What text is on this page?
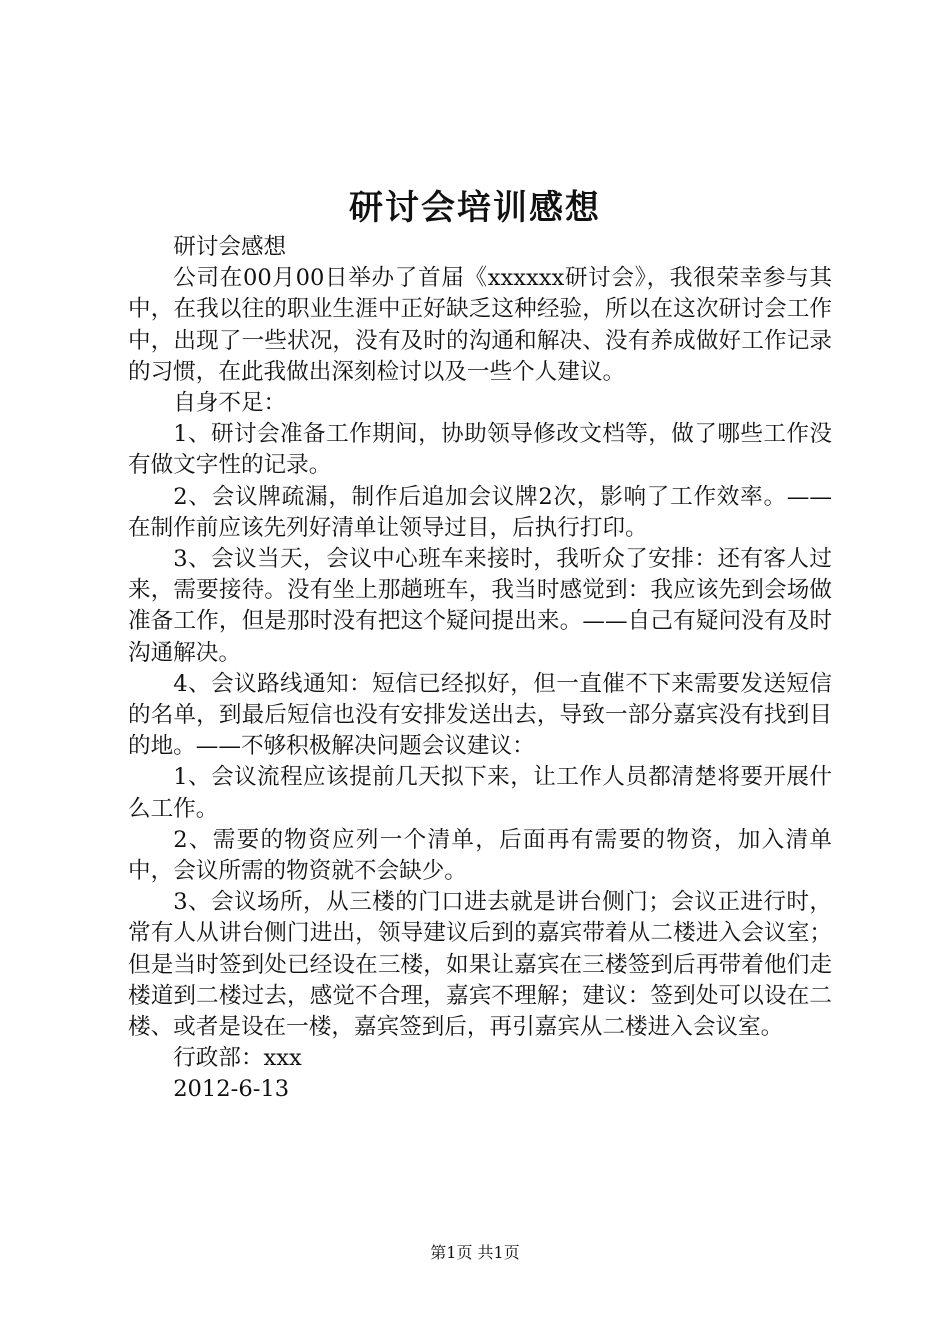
研讨会培训感想

研讨会感想

公司在00月00日举办了首届《xxxxxx研讨会》，我很荣幸参与其中，在我以往的职业生涯中正好缺乏这种经验，所以在这次研讨会工作中，出现了一些状况，没有及时的沟通和解决、没有养成做好工作记录的习惯，在此我做出深刻检讨以及一些个人建议。

自身不足：

1、研讨会准备工作期间，协助领导修改文档等，做了哪些工作没有做文字性的记录。

2、会议牌疏漏，制作后追加会议牌2次，影响了工作效率。——在制作前应该先列好清单让领导过目，后执行打印。

3、会议当天，会议中心班车来接时，我听众了安排：还有客人过来，需要接待。没有坐上那趟班车，我当时感觉到：我应该先到会场做准备工作，但是那时没有把这个疑问提出来。——自己有疑问没有及时沟通解决。

4、会议路线通知：短信已经拟好，但一直催不下来需要发送短信的名单，到最后短信也没有安排发送出去，导致一部分嘉宾没有找到目的地。——不够积极解决问题会议建议：

1、会议流程应该提前几天拟下来，让工作人员都清楚将要开展什么工作。

2、需要的物资应列一个清单，后面再有需要的物资，加入清单中，会议所需的物资就不会缺少。

3、会议场所，从三楼的门口进去就是讲台侧门；会议正进行时，常有人从讲台侧门进出，领导建议后到的嘉宾带着从二楼进入会议室；但是当时签到处已经设在三楼，如果让嘉宾在三楼签到后再带着他们走楼道到二楼过去，感觉不合理，嘉宾不理解；建议：签到处可以设在二楼、或者是设在一楼，嘉宾签到后，再引嘉宾从二楼进入会议室。

行政部：xxx

2012-6-13

第1页 共1页
